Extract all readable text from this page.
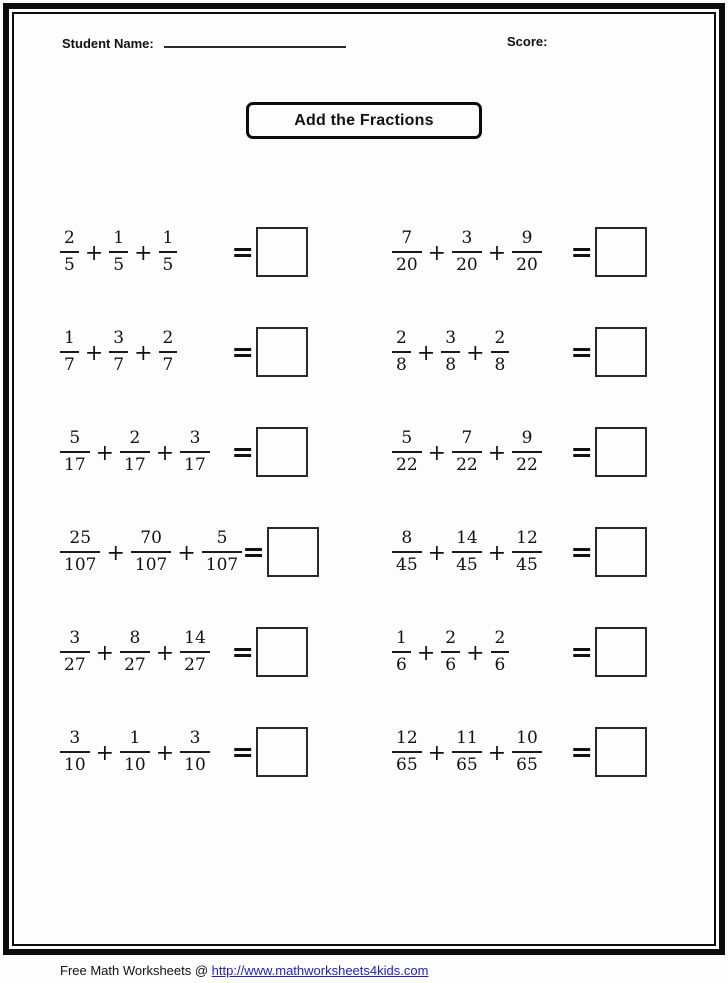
Student Name:	Score:
Add the Fractions
$\frac{2}{5} + \frac{1}{5} + \frac{1}{5}$ =	$\frac{7}{20} + \frac{3}{20} + \frac{9}{20}$ =
$\frac{1}{7} + \frac{3}{7} + \frac{2}{7}$ =	$\frac{2}{8} + \frac{3}{8} + \frac{2}{8}$ =
$\frac{5}{17} + \frac{2}{17} + \frac{3}{17}$ =	$\frac{5}{22} + \frac{7}{22} + \frac{9}{22}$ =
$\frac{25}{107} + \frac{70}{107} + \frac{5}{107}$ =	$\frac{8}{45} + \frac{14}{45} + \frac{12}{45}$ =
$\frac{3}{27} + \frac{8}{27} + \frac{14}{27}$ =	$\frac{1}{6} + \frac{2}{6} + \frac{2}{6}$ =
$\frac{3}{10} + \frac{1}{10} + \frac{3}{10}$ =	$\frac{12}{65} + \frac{11}{65} + \frac{10}{65}$ =
Free Math Worksheets @ http://www.mathworksheets4kids.com
